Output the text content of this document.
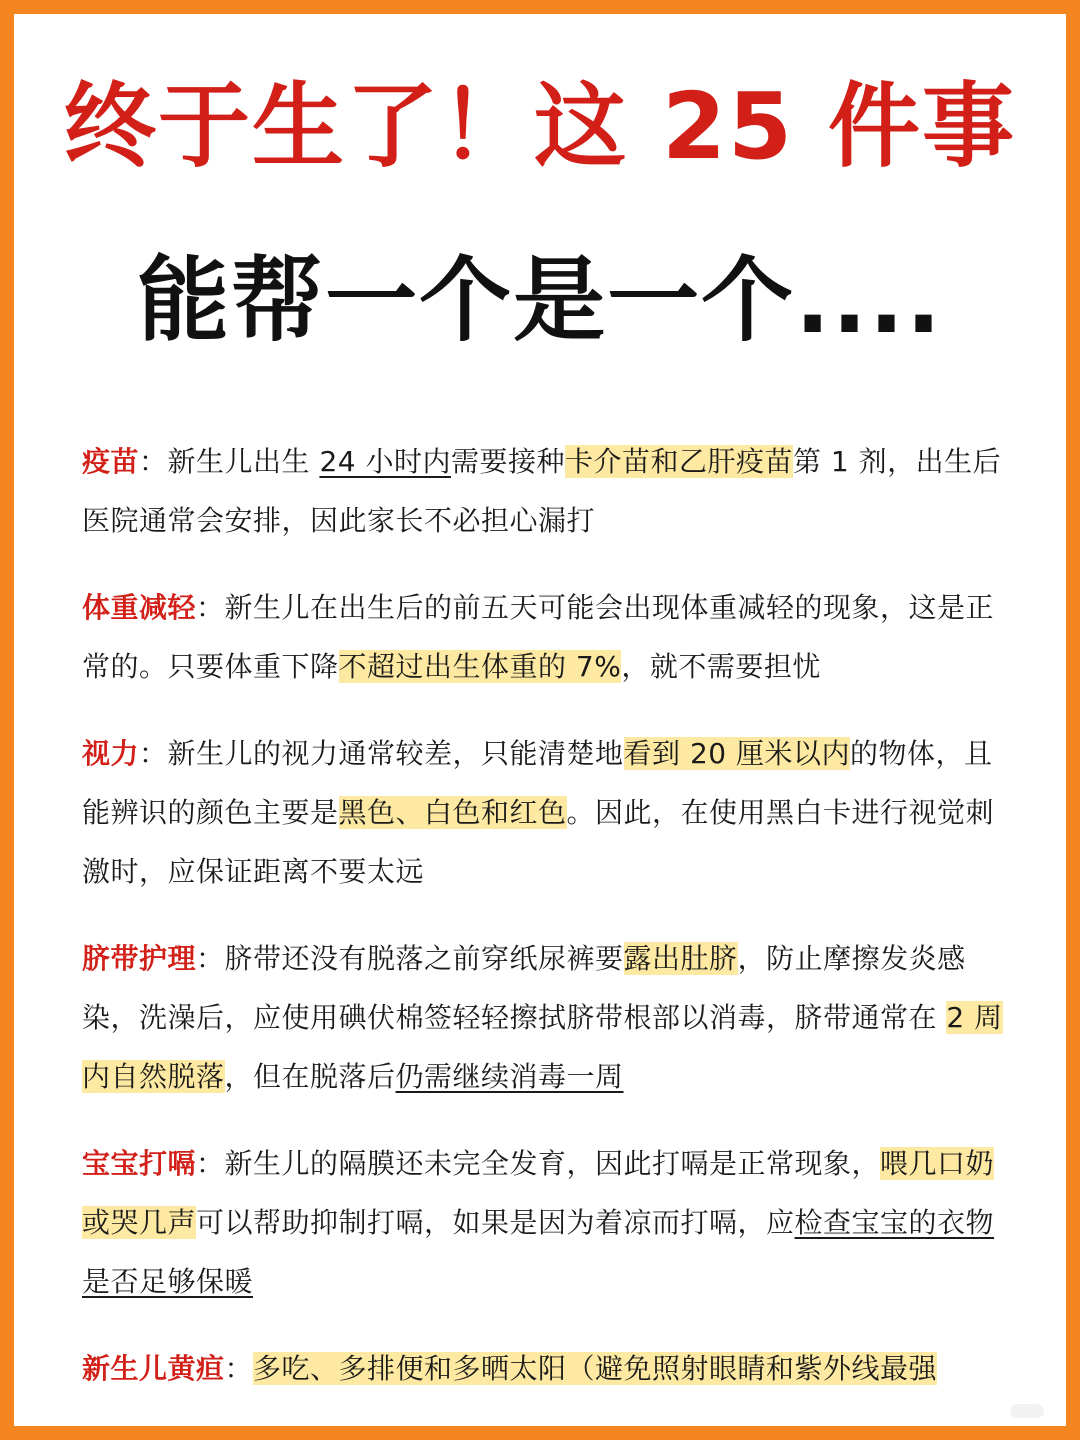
终于生了！这 25 件事
能帮一个是一个....

疫苗：新生儿出生 24 小时内需要接种卡介苗和乙肝疫苗第 1 剂，出生后医院通常会安排，因此家长不必担心漏打

体重减轻：新生儿在出生后的前五天可能会出现体重减轻的现象，这是正常的。只要体重下降不超过出生体重的 7%，就不需要担忧

视力：新生儿的视力通常较差，只能清楚地看到 20 厘米以内的物体，且能辨识的颜色主要是黑色、白色和红色。因此，在使用黑白卡进行视觉刺激时，应保证距离不要太远

脐带护理：脐带还没有脱落之前穿纸尿裤要露出肚脐，防止摩擦发炎感染，洗澡后，应使用碘伏棉签轻轻擦拭脐带根部以消毒，脐带通常在 2 周内自然脱落，但在脱落后仍需继续消毒一周

宝宝打嗝：新生儿的隔膜还未完全发育，因此打嗝是正常现象，喂几口奶或哭几声可以帮助抑制打嗝，如果是因为着凉而打嗝，应检查宝宝的衣物是否足够保暖

新生儿黄疸：多吃、多排便和多晒太阳（避免照射眼睛和紫外线最强
